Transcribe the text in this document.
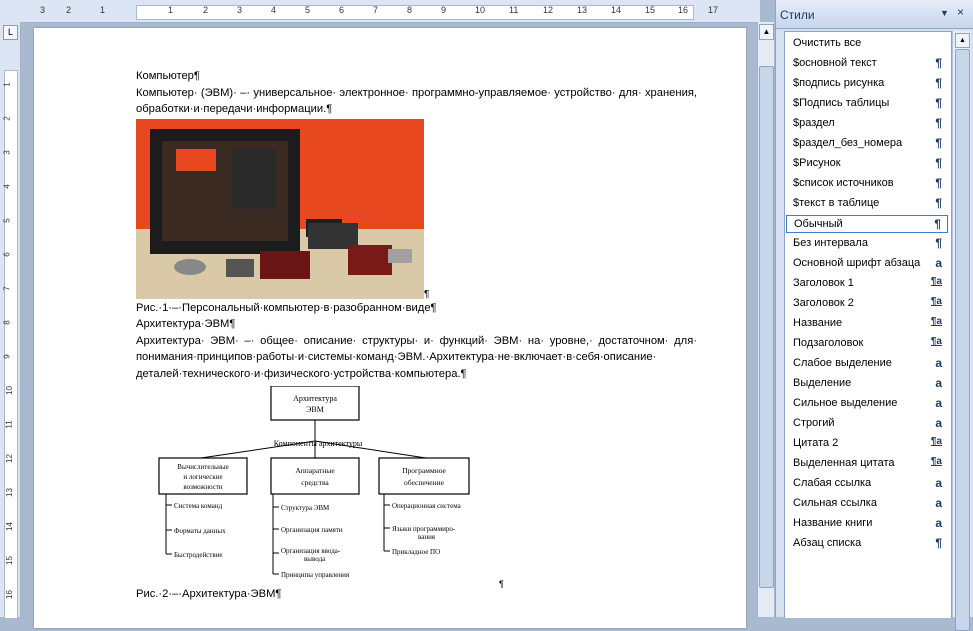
3 2	1	1	2	3	4	5	6	7	8	9	10	11	12	13	14	15	16 17
1
2
3
4
5
6
7
8
9
10
11
12
13
14
15
16
L

Компьютер¶

Компьютер· (ЭВМ)· –· универсальное· электронное· программно-управляемое· устройство· для· хранения, обработки·и·передачи·информации.¶

¶

Рис.·1·–·Персональный·компьютер·в·разобранном·виде¶

Архитектура·ЭВМ¶

Архитектура· ЭВМ· –· общее· описание· структуры· и· функций· ЭВМ· на· уровне,· достаточном· для· понимания·принципов·работы·и·системы·команд·ЭВМ.·Архитектура·не·включает·в·себя·описание· деталей·технического·и·физического·устройства·компьютера.¶

Архитектура
ЭВМ
Компоненты архитектуры
Вычислительные
и логические
возможности
Аппаратные
средства
Программное
обеспечение
Система команд
Форматы данных
Быстродействие
Структура ЭВМ
Организация памяти
Организация ввода-
вывода
Принципы управления
Операционная система
Языки программиро-
вания
Прикладное ПО
¶

Рис.·2·–·Архитектура·ЭВМ¶

▲
Стили	▼ ×
Очистить все
$основной текст	¶
$подпись рисунка	¶
$Подпись таблицы	¶
$раздел	¶
$раздел_без_номера	¶
$Рисунок	¶
$список источников	¶
$текст в таблице	¶
Обычный	¶
Без интервала	¶
Основной шрифт абзаца a
Заголовок 1	¶a
Заголовок 2	¶a
Название	¶a
Подзаголовок	¶a
Слабое выделение	a
Выделение	a
Сильное выделение	a
Строгий	a
Цитата 2	¶a
Выделенная цитата	¶a
Слабая ссылка	a
Сильная ссылка	a
Название книги	a
Абзац списка	¶
▲
